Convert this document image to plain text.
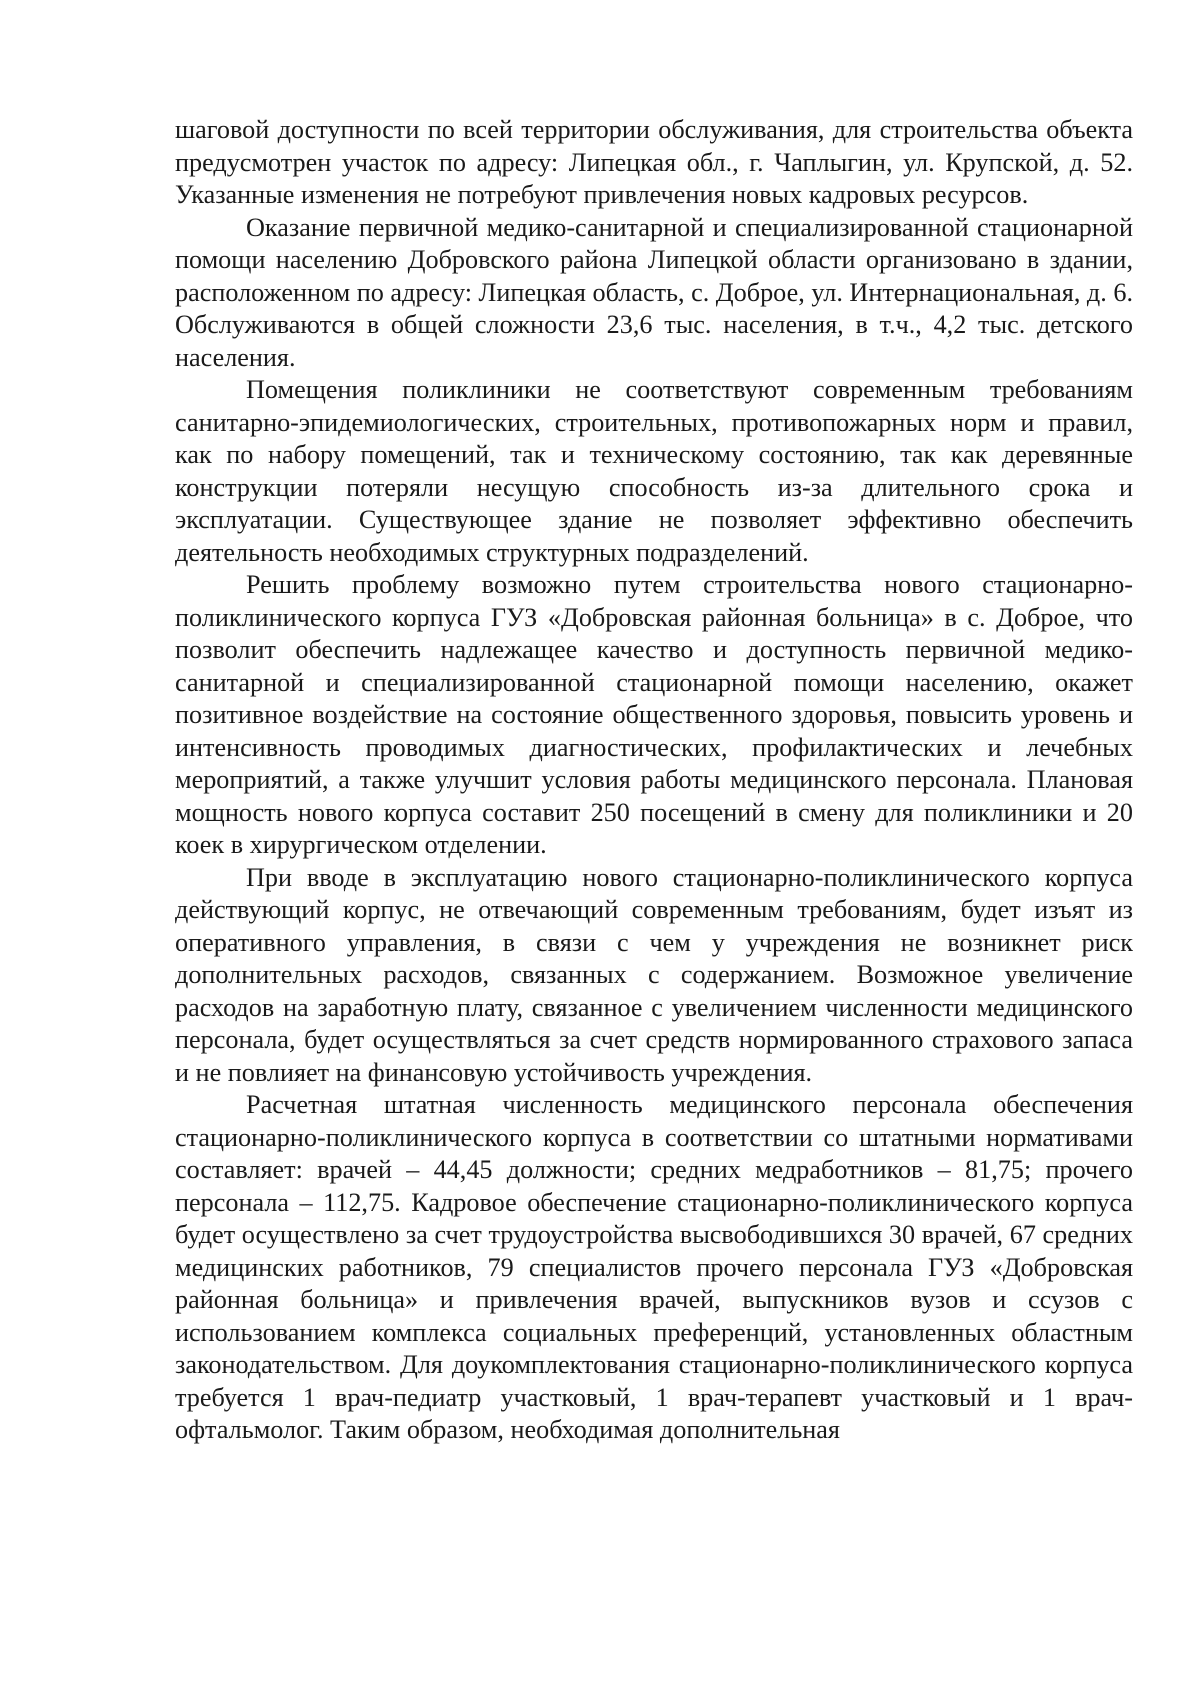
шаговой доступности по всей территории обслуживания, для строительства объекта предусмотрен участок по адресу: Липецкая обл., г. Чаплыгин, ул. Крупской, д. 52. Указанные изменения не потребуют привлечения новых кадровых ресурсов.

Оказание первичной медико-санитарной и специализированной стационарной помощи населению Добровского района Липецкой области организовано в здании, расположенном по адресу: Липецкая область, с. Доброе, ул. Интернациональная, д. 6. Обслуживаются в общей сложности 23,6 тыс. населения, в т.ч., 4,2 тыс. детского населения.

Помещения поликлиники не соответствуют современным требованиям санитарно-эпидемиологических, строительных, противопожарных норм и правил, как по набору помещений, так и техническому состоянию, так как деревянные конструкции потеряли несущую способность из-за длительного срока и эксплуатации. Существующее здание не позволяет эффективно обеспечить деятельность необходимых структурных подразделений.

Решить проблему возможно путем строительства нового стационарно-поликлинического корпуса ГУЗ «Добровская районная больница» в с. Доброе, что позволит обеспечить надлежащее качество и доступность первичной медико-санитарной и специализированной стационарной помощи населению, окажет позитивное воздействие на состояние общественного здоровья, повысить уровень и интенсивность проводимых диагностических, профилактических и лечебных мероприятий, а также улучшит условия работы медицинского персонала. Плановая мощность нового корпуса составит 250 посещений в смену для поликлиники и 20 коек в хирургическом отделении.

При вводе в эксплуатацию нового стационарно-поликлинического корпуса действующий корпус, не отвечающий современным требованиям, будет изъят из оперативного управления, в связи с чем у учреждения не возникнет риск дополнительных расходов, связанных с содержанием. Возможное увеличение расходов на заработную плату, связанное с увеличением численности медицинского персонала, будет осуществляться за счет средств нормированного страхового запаса и не повлияет на финансовую устойчивость учреждения.

Расчетная штатная численность медицинского персонала обеспечения стационарно-поликлинического корпуса в соответствии со штатными нормативами составляет: врачей – 44,45 должности; средних медработников – 81,75; прочего персонала – 112,75. Кадровое обеспечение стационарно-поликлинического корпуса будет осуществлено за счет трудоустройства высвободившихся 30 врачей, 67 средних медицинских работников, 79 специалистов прочего персонала ГУЗ «Добровская районная больница» и привлечения врачей, выпускников вузов и ссузов с использованием комплекса социальных преференций, установленных областным законодательством. Для доукомплектования стационарно-поликлинического корпуса требуется 1 врач-педиатр участковый, 1 врач-терапевт участковый и 1 врач-офтальмолог. Таким образом, необходимая дополнительная
